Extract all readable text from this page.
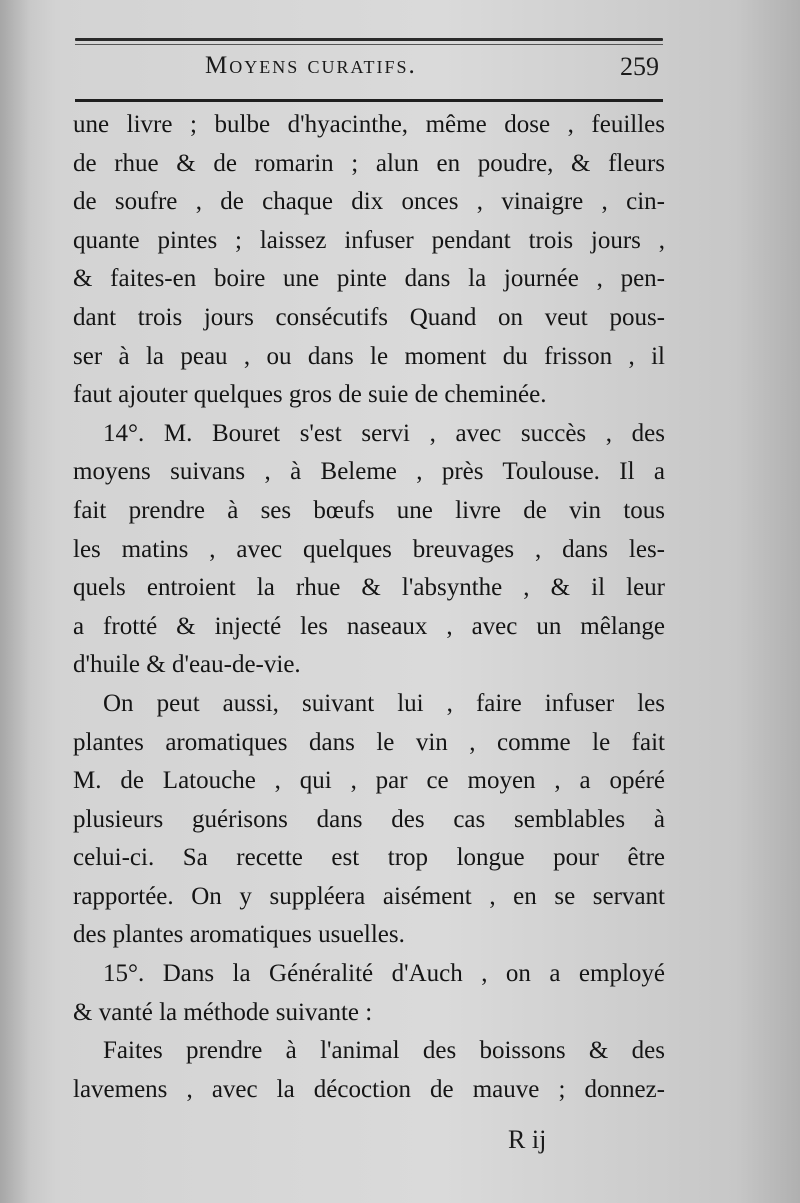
Moyens curatifs.	259
une livre ; bulbe d'hyacinthe, même dose , feuilles
de rhue & de romarin ; alun en poudre, & fleurs
de soufre , de chaque dix onces , vinaigre , cin-
quante pintes ; laissez infuser pendant trois jours ,
& faites-en boire une pinte dans la journée , pen-
dant trois jours consécutifs Quand on veut pous-
ser à la peau , ou dans le moment du frisson , il
faut ajouter quelques gros de suie de cheminée.
14°. M. Bouret s'est servi , avec succès , des
moyens suivans , à Beleme , près Toulouse. Il a
fait prendre à ses bœufs une livre de vin tous
les matins , avec quelques breuvages , dans les-
quels entroient la rhue & l'absynthe , & il leur
a frotté & injecté les naseaux , avec un mêlange
d'huile & d'eau-de-vie.
On peut aussi, suivant lui , faire infuser les
plantes aromatiques dans le vin , comme le fait
M. de Latouche , qui , par ce moyen , a opéré
plusieurs guérisons dans des cas semblables à
celui-ci. Sa recette est trop longue pour être
rapportée. On y suppléera aisément , en se servant
des plantes aromatiques usuelles.
15°. Dans la Généralité d'Auch , on a employé
& vanté la méthode suivante :
Faites prendre à l'animal des boissons & des
lavemens , avec la décoction de mauve ; donnez-
R ij
